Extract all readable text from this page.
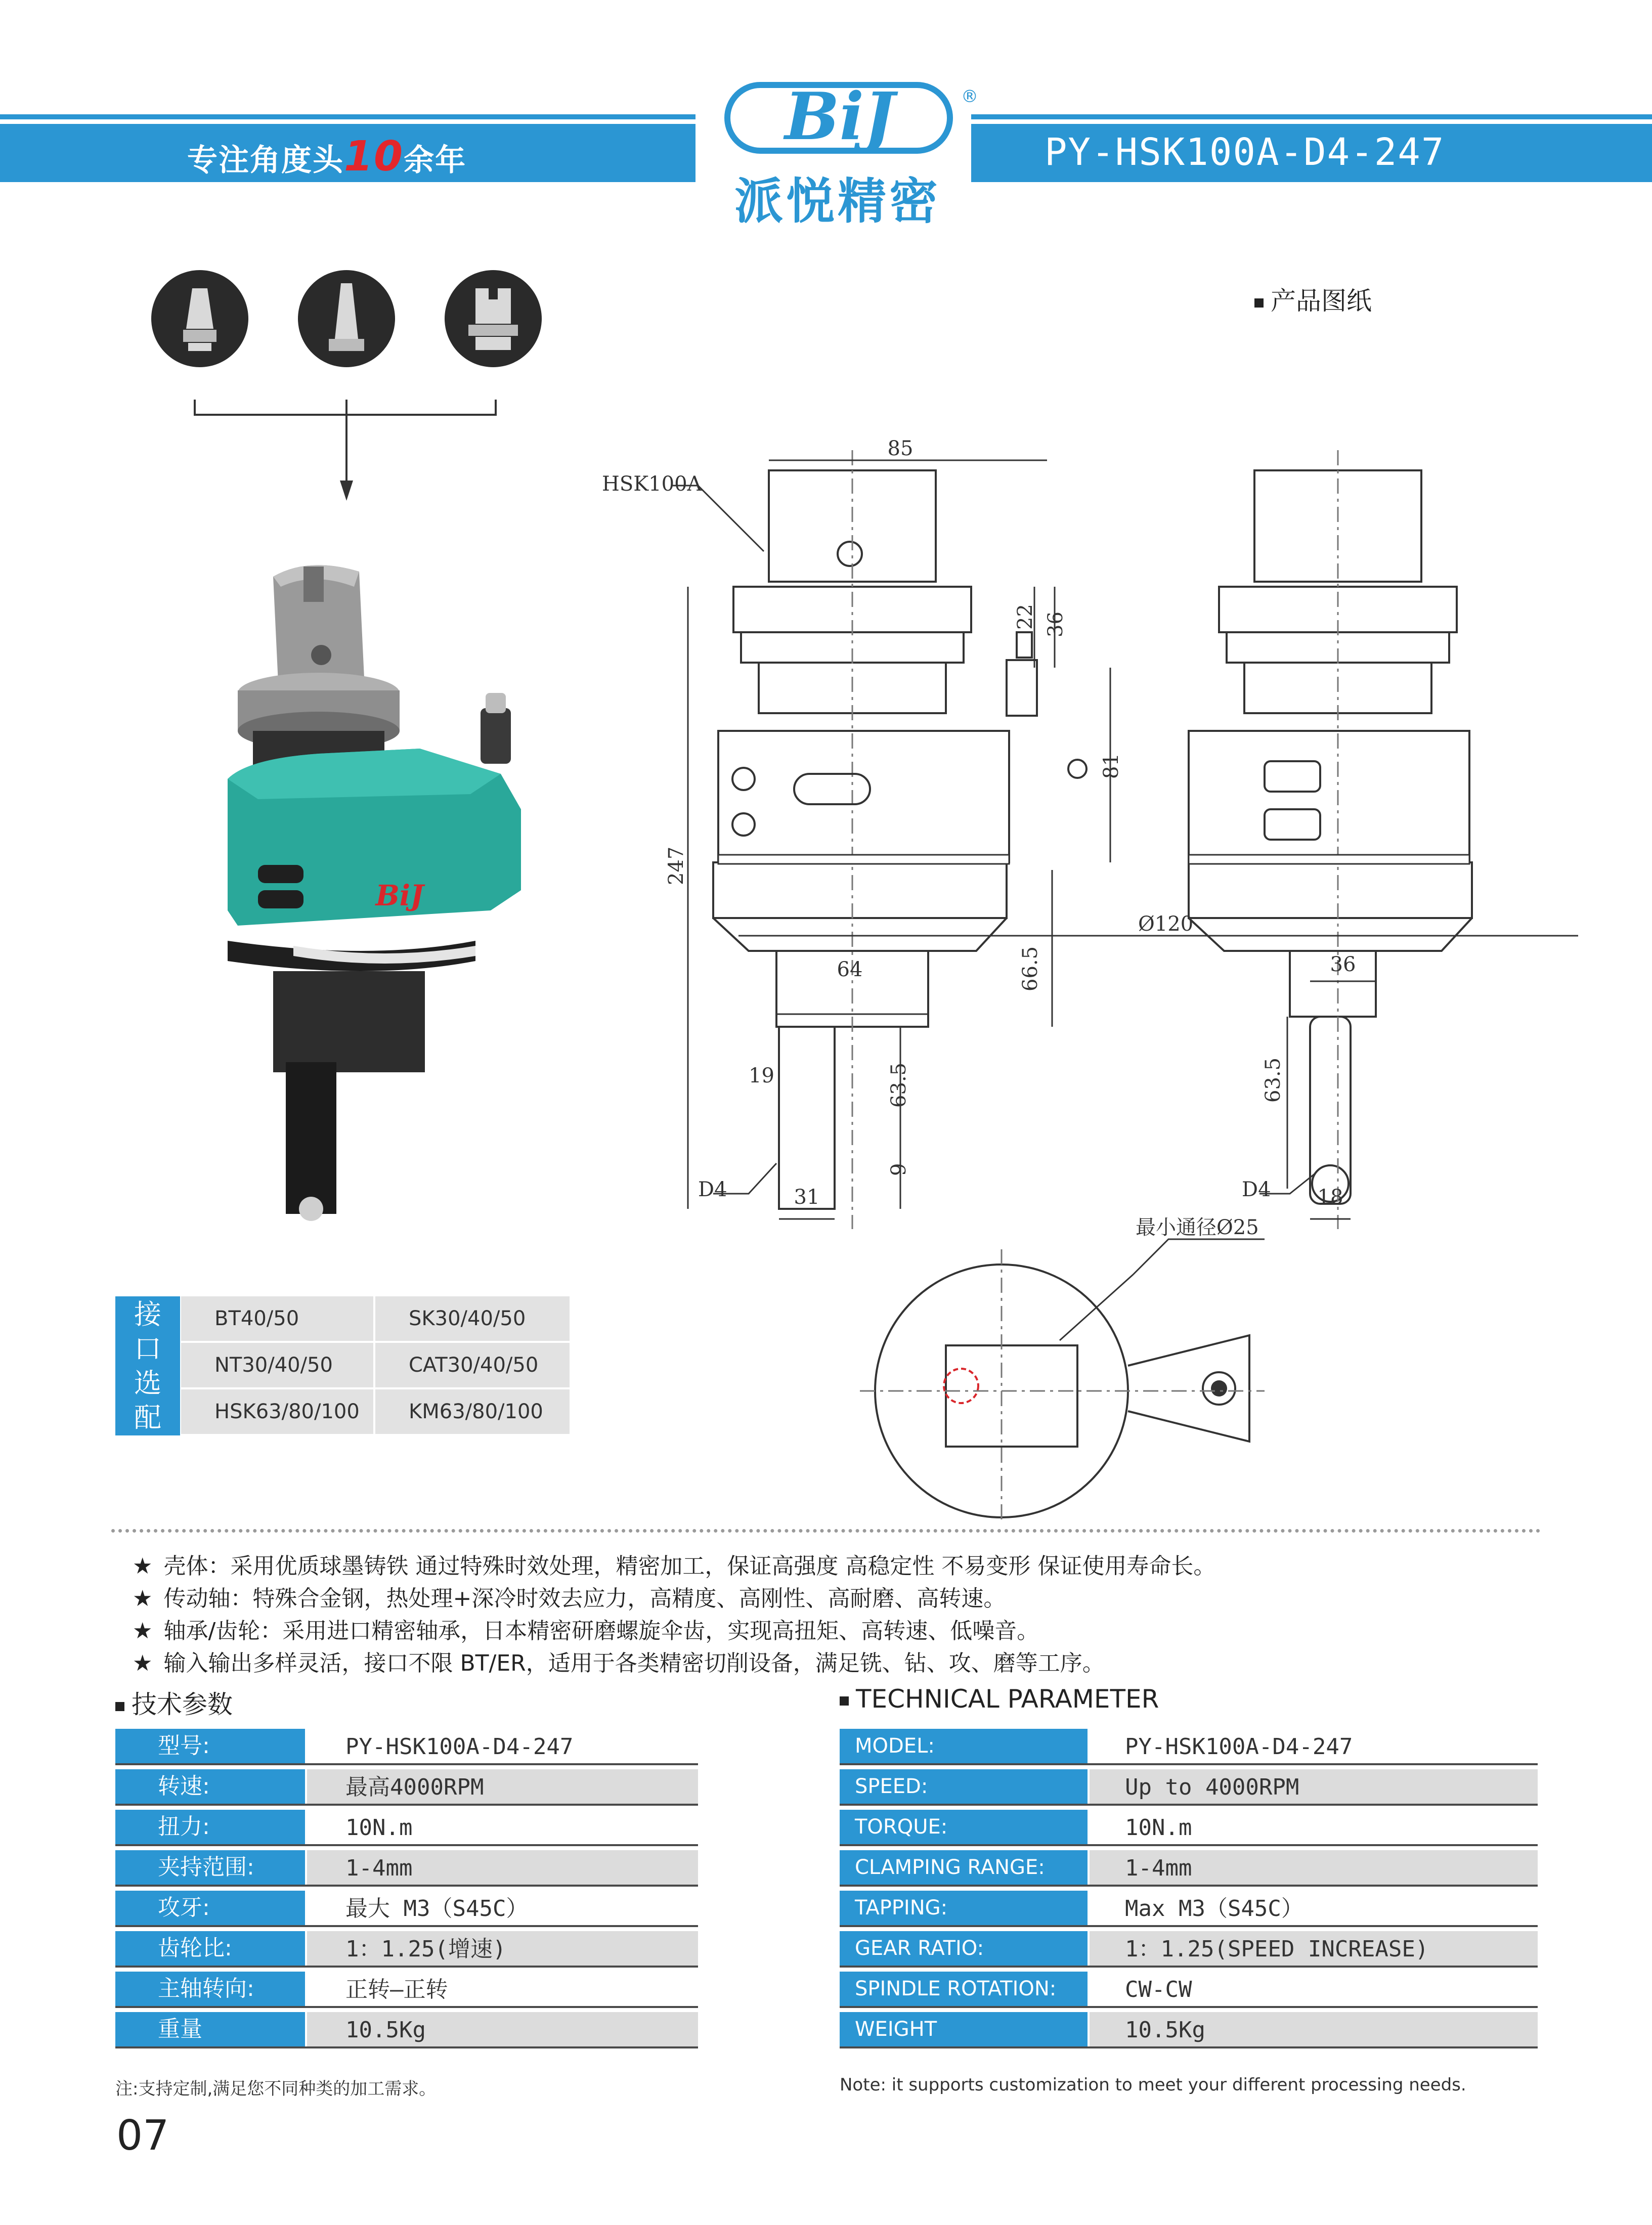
专注角度头10余年
BiJ	®
派悦精密
PY-HSK100A-D4-247
BiJ
产品图纸
HSK100A
85
22 36
81
247
Ø120
64	66.5
19	63.5
9
D4	31
36
63.5
D4 18
最小通径Ø25
接
口
选
配
BT40/50	SK30/40/50
NT30/40/50	CAT30/40/50
HSK63/80/100	KM63/80/100
★ 壳体：采用优质球墨铸铁 通过特殊时效处理，精密加工，保证高强度 高稳定性 不易变形 保证使用寿命长。
★ 传动轴：特殊合金钢，热处理+深冷时效去应力，高精度、高刚性、高耐磨、高转速。
★ 轴承/齿轮：采用进口精密轴承，日本精密研磨螺旋伞齿，实现高扭矩、高转速、低噪音。
★ 输入输出多样灵活，接口不限 BT/ER，适用于各类精密切削设备，满足铣、钻、攻、磨等工序。
技术参数
型号:	PY-HSK100A-D4-247
转速:	最高4000RPM
扭力:	10N.m
夹持范围:	1-4mm
攻牙:	最大 M3（S45C）
齿轮比:	1：1.25(增速)
主轴转向:	正转—正转
重量	10.5Kg
注:支持定制,满足您不同种类的加工需求。
TECHNICAL PARAMETER
MODEL:	PY-HSK100A-D4-247
SPEED:	Up to 4000RPM
TORQUE:	10N.m
CLAMPING RANGE:	1-4mm
TAPPING:	Max M3（S45C）
GEAR RATIO:	1：1.25(SPEED INCREASE)
SPINDLE ROTATION:	CW-CW
WEIGHT	10.5Kg
Note: it supports customization to meet your different processing needs.
07
